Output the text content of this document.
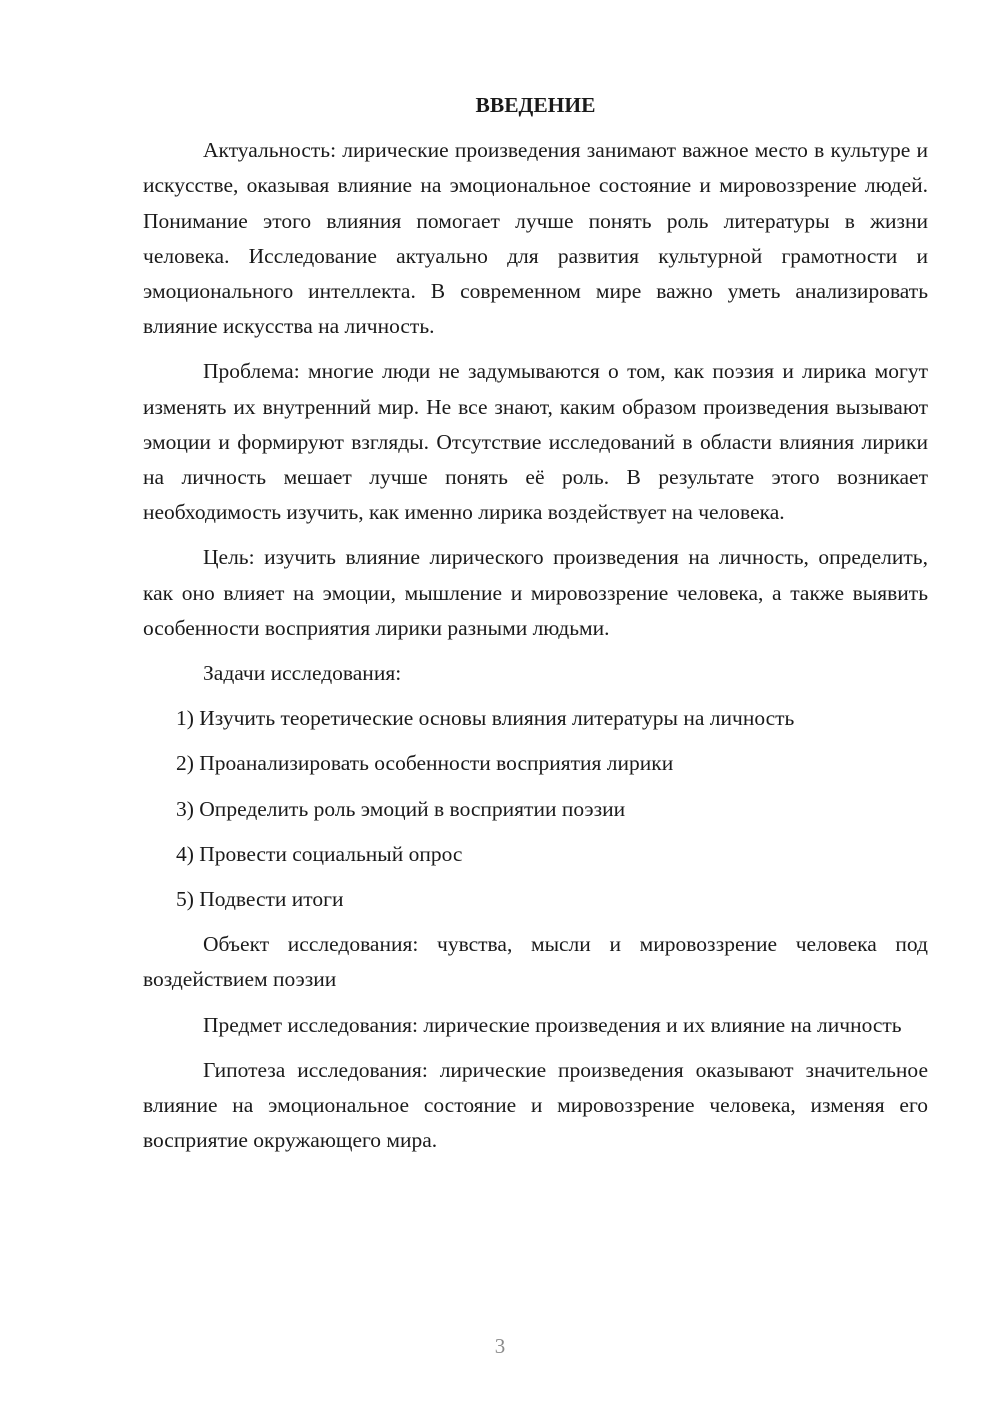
ВВЕДЕНИЕ

Актуальность: лирические произведения занимают важное место в культуре и искусстве, оказывая влияние на эмоциональное состояние и мировоззрение людей. Понимание этого влияния помогает лучше понять роль литературы в жизни человека. Исследование актуально для развития культурной грамотности и эмоционального интеллекта. В современном мире важно уметь анализировать влияние искусства на личность.

Проблема: многие люди не задумываются о том, как поэзия и лирика могут изменять их внутренний мир. Не все знают, каким образом произведения вызывают эмоции и формируют взгляды. Отсутствие исследований в области влияния лирики на личность мешает лучше понять её роль. В результате этого возникает необходимость изучить, как именно лирика воздействует на человека.

Цель: изучить влияние лирического произведения на личность, определить, как оно влияет на эмоции, мышление и мировоззрение человека, а также выявить особенности восприятия лирики разными людьми.

Задачи исследования:

1) Изучить теоретические основы влияния литературы на личность
2) Проанализировать особенности восприятия лирики
3) Определить роль эмоций в восприятии поэзии
4) Провести социальный опрос
5) Подвести итоги

Объект исследования: чувства, мысли и мировоззрение человека под воздействием поэзии

Предмет исследования: лирические произведения и их влияние на личность

Гипотеза исследования: лирические произведения оказывают значительное влияние на эмоциональное состояние и мировоззрение человека, изменяя его восприятие окружающего мира.

3
